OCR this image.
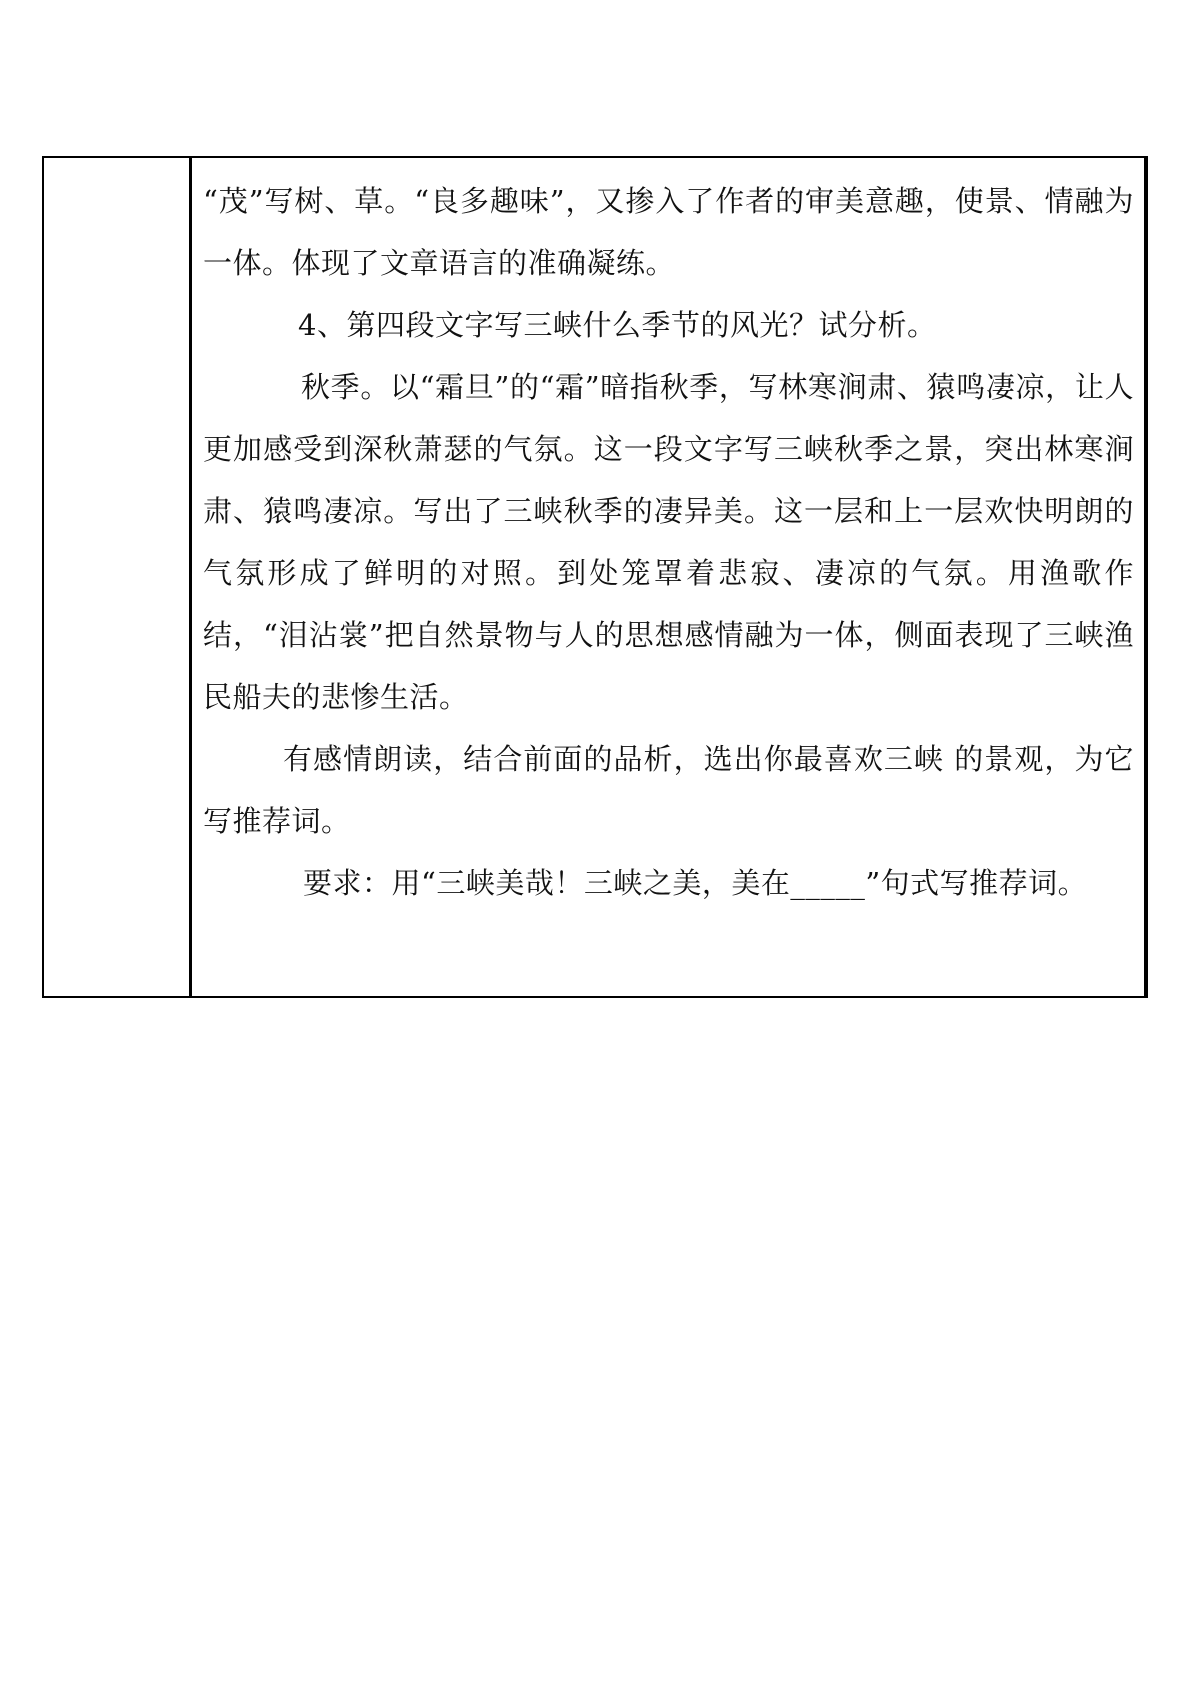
“茂”写树、草。“良多趣味”，又掺入了作者的审美意趣，使景、情融为一体。体现了文章语言的准确凝练。

4、第四段文字写三峡什么季节的风光？试分析。

秋季。以“霜旦”的“霜”暗指秋季，写林寒涧肃、猿鸣凄凉，让人更加感受到深秋萧瑟的气氛。这一段文字写三峡秋季之景，突出林寒涧肃、猿鸣凄凉。写出了三峡秋季的凄异美。这一层和上一层欢快明朗的气氛形成了鲜明的对照。到处笼罩着悲寂、凄凉的气氛。用渔歌作结，“泪沾裳”把自然景物与人的思想感情融为一体，侧面表现了三峡渔民船夫的悲惨生活。

有感情朗读，结合前面的品析，选出你最喜欢三峡 的景观，为它写推荐词。

要求：用“三峡美哉！三峡之美，美在_____”句式写推荐词。
